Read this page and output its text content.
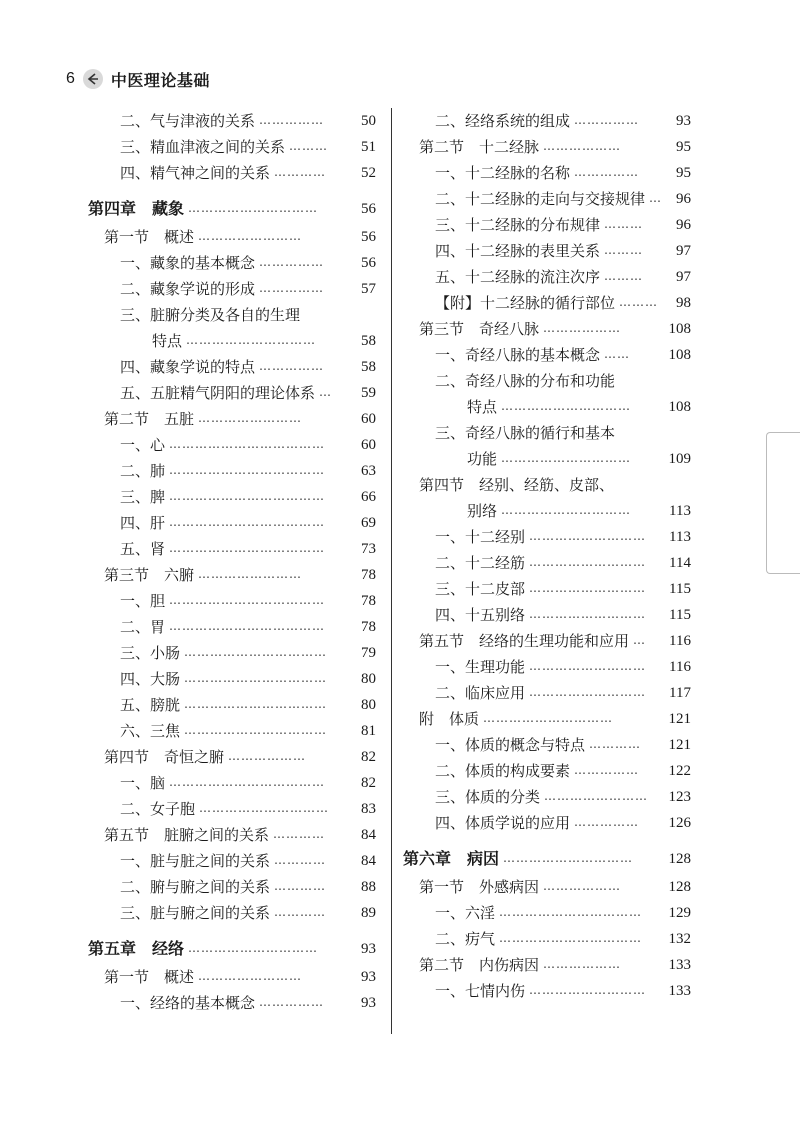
6 中医理论基础
二、气与津液的关系 ……………	50
三、精血津液之间的关系 ………	51
四、精气神之间的关系 …………	52
第四章　藏象 …………………………	56
第一节　概述 ……………………	56
一、藏象的基本概念 ……………	56
二、藏象学说的形成 ……………	57
三、脏腑分类及各自的生理
特点 …………………………	58
四、藏象学说的特点 ……………	58
五、五脏精气阴阳的理论体系 …	59
第二节　五脏 ……………………	60
一、心 ………………………………	60
二、肺 ………………………………	63
三、脾 ………………………………	66
四、肝 ………………………………	69
五、肾 ………………………………	73
第三节　六腑 ……………………	78
一、胆 ………………………………	78
二、胃 ………………………………	78
三、小肠 ……………………………	79
四、大肠 ……………………………	80
五、膀胱 ……………………………	80
六、三焦 ……………………………	81
第四节　奇恒之腑 ………………	82
一、脑 ………………………………	82
二、女子胞 …………………………	83
第五节　脏腑之间的关系 …………	84
一、脏与脏之间的关系 …………	84
二、腑与腑之间的关系 …………	88
三、脏与腑之间的关系 …………	89
第五章　经络 …………………………	93
第一节　概述 ……………………	93
一、经络的基本概念 ……………	93
二、经络系统的组成 ……………	93
第二节　十二经脉 ………………	95
一、十二经脉的名称 ……………	95
二、十二经脉的走向与交接规律 … 96
三、十二经脉的分布规律 ………	96
四、十二经脉的表里关系 ………	97
五、十二经脉的流注次序 ………	97
【附】十二经脉的循行部位 ………	98
第三节　奇经八脉 ………………	108
一、奇经八脉的基本概念 ……	108
二、奇经八脉的分布和功能
特点 …………………………	108
三、奇经八脉的循行和基本
功能 …………………………	109
第四节　经别、经筋、皮部、
别络 …………………………	113
一、十二经别 ………………………	113
二、十二经筋 ………………………	114
三、十二皮部 ………………………	115
四、十五别络 ………………………	115
第五节　经络的生理功能和应用 …	116
一、生理功能 ………………………	116
二、临床应用 ………………………	117
附　体质 …………………………	121
一、体质的概念与特点 …………	121
二、体质的构成要素 ……………	122
三、体质的分类 ……………………	123
四、体质学说的应用 ……………	126
第六章　病因 …………………………	128
第一节　外感病因 ………………	128
一、六淫 ……………………………	129
二、疠气 ……………………………	132
第二节　内伤病因 ………………	133
一、七情内伤 ………………………	133
